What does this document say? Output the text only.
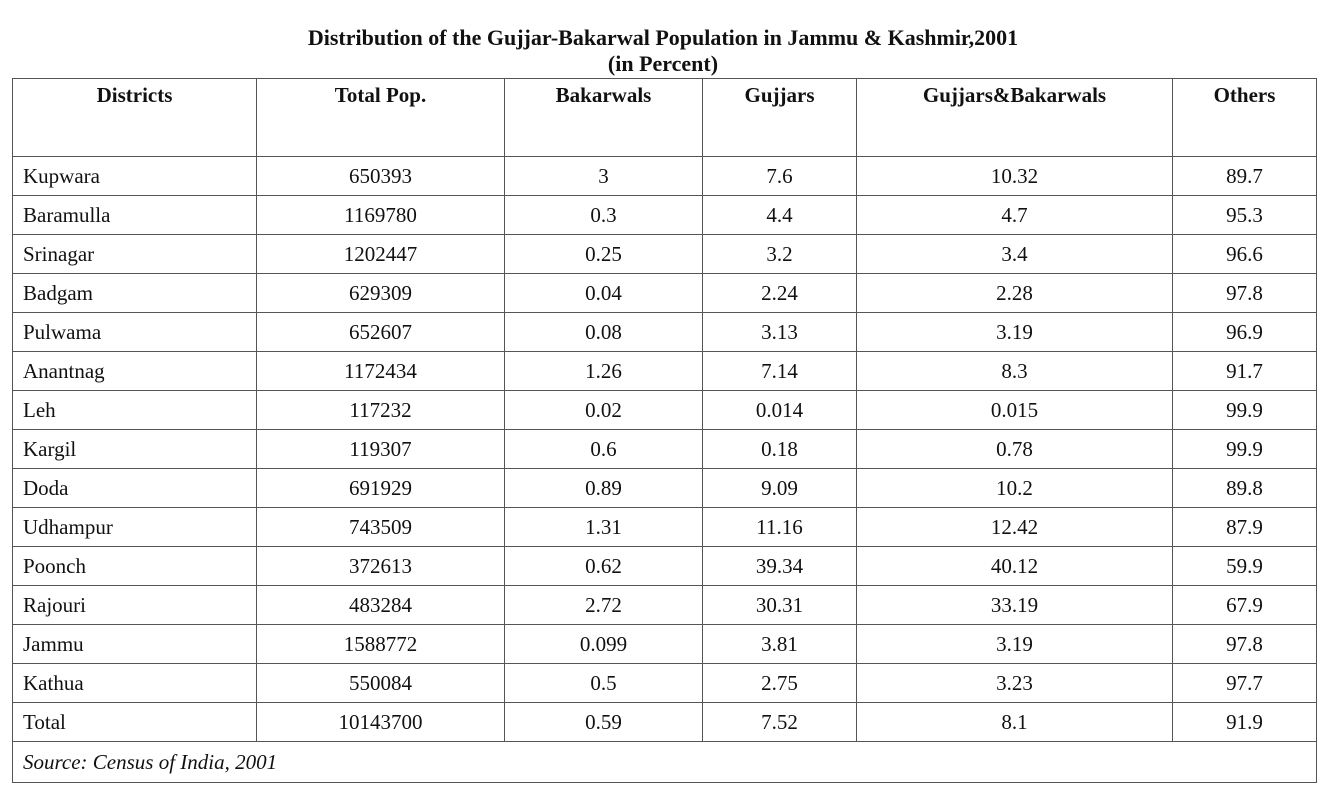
Distribution of the Gujjar-Bakarwal Population in Jammu & Kashmir,2001
(in Percent)
Districts	Total Pop.	Bakarwals	Gujjars	Gujjars&Bakarwals	Others
Kupwara	650393	3	7.6	10.32	89.7
Baramulla	1169780	0.3	4.4	4.7	95.3
Srinagar	1202447	0.25	3.2	3.4	96.6
Badgam	629309	0.04	2.24	2.28	97.8
Pulwama	652607	0.08	3.13	3.19	96.9
Anantnag	1172434	1.26	7.14	8.3	91.7
Leh	117232	0.02	0.014	0.015	99.9
Kargil	119307	0.6	0.18	0.78	99.9
Doda	691929	0.89	9.09	10.2	89.8
Udhampur	743509	1.31	11.16	12.42	87.9
Poonch	372613	0.62	39.34	40.12	59.9
Rajouri	483284	2.72	30.31	33.19	67.9
Jammu	1588772	0.099	3.81	3.19	97.8
Kathua	550084	0.5	2.75	3.23	97.7
Total	10143700	0.59	7.52	8.1	91.9
Source: Census of India, 2001					
